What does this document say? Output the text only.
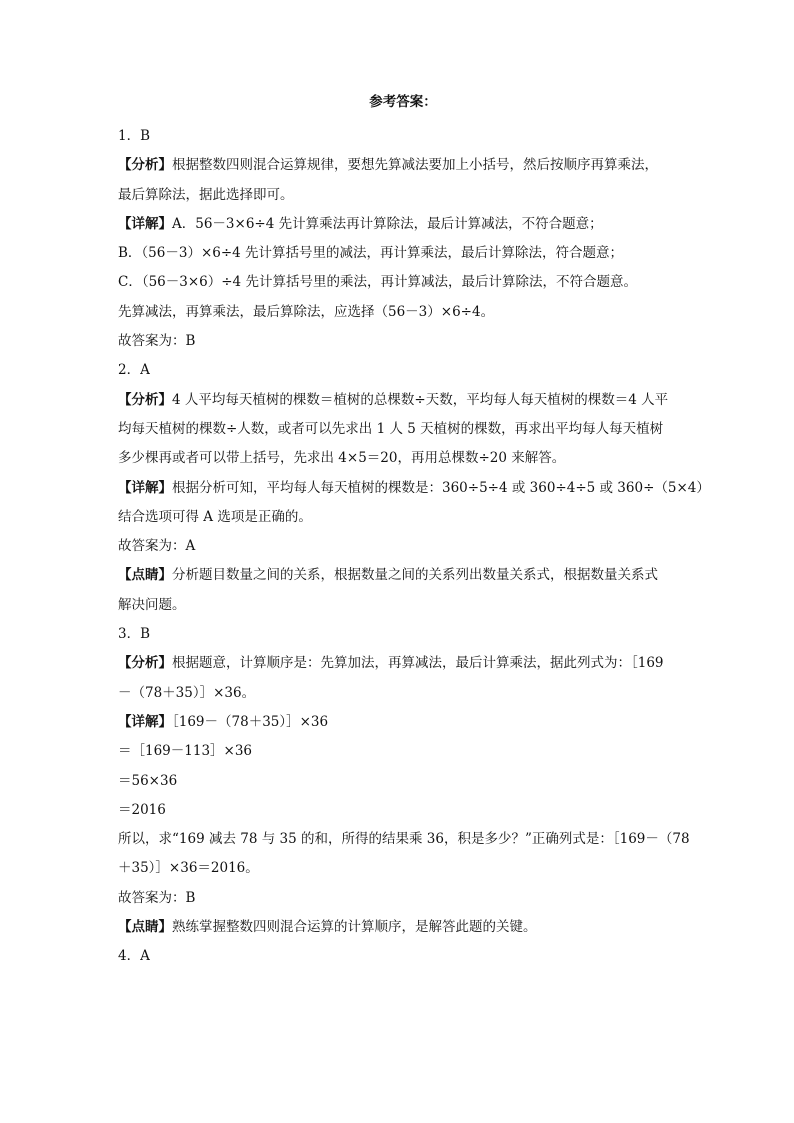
参考答案：

1．B

【分析】根据整数四则混合运算规律，要想先算减法要加上小括号，然后按顺序再算乘法，

最后算除法，据此选择即可。

【详解】A．56－3×6÷4 先计算乘法再计算除法，最后计算减法，不符合题意；

B．（56－3）×6÷4 先计算括号里的减法，再计算乘法，最后计算除法，符合题意；

C．（56－3×6）÷4 先计算括号里的乘法，再计算减法，最后计算除法，不符合题意。

先算减法，再算乘法，最后算除法，应选择（56－3）×6÷4。

故答案为：B

2．A

【分析】4 人平均每天植树的棵数＝植树的总棵数÷天数，平均每人每天植树的棵数＝4 人平

均每天植树的棵数÷人数，或者可以先求出 1 人 5 天植树的棵数，再求出平均每人每天植树

多少棵再或者可以带上括号，先求出 4×5＝20，再用总棵数÷20 来解答。

【详解】根据分析可知，平均每人每天植树的棵数是：360÷5÷4 或 360÷4÷5 或 360÷（5×4）

结合选项可得 A 选项是正确的。

故答案为：A

【点睛】分析题目数量之间的关系，根据数量之间的关系列出数量关系式，根据数量关系式

解决问题。

3．B

【分析】根据题意，计算顺序是：先算加法，再算减法，最后计算乘法，据此列式为：［169

－（78＋35）］×36。

【详解】［169－（78＋35）］×36

＝［169－113］×36

＝56×36

＝2016

所以，求“169 减去 78 与 35 的和，所得的结果乘 36，积是多少？”正确列式是：［169－（78

＋35）］×36＝2016。

故答案为：B

【点睛】熟练掌握整数四则混合运算的计算顺序，是解答此题的关键。

4．A
